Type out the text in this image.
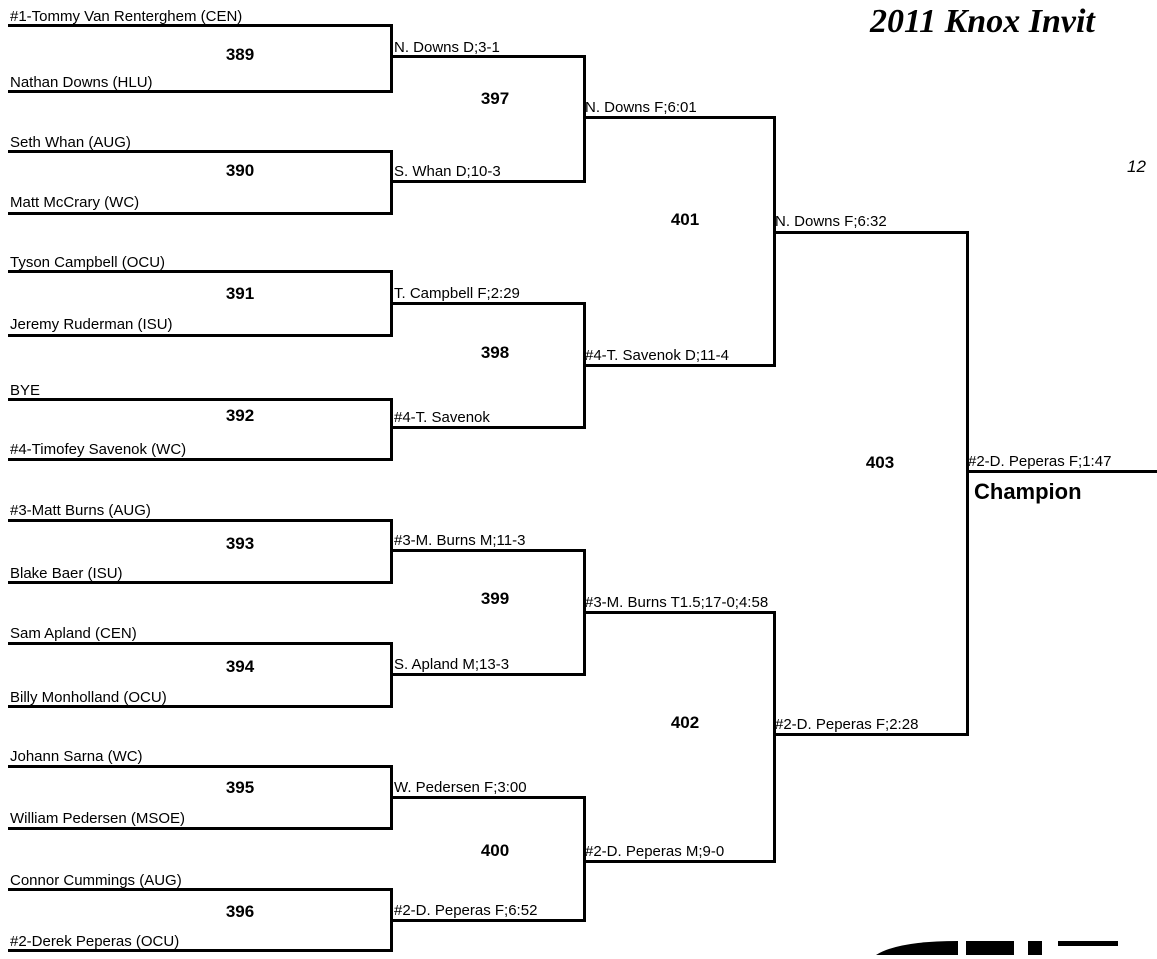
2011 Knox Invit
12
#1-Tommy Van Renterghem (CEN)
389
Nathan Downs (HLU)
Seth Whan (AUG)
390
Matt McCrary (WC)
Tyson Campbell (OCU)
391
Jeremy Ruderman (ISU)
BYE
392
#4-Timofey Savenok (WC)
#3-Matt Burns (AUG)
393
Blake Baer (ISU)
Sam Apland (CEN)
394
Billy Monholland (OCU)
Johann Sarna (WC)
395
William Pedersen (MSOE)
Connor Cummings (AUG)
396
#2-Derek Peperas (OCU)
N. Downs D;3-1
S. Whan D;10-3
397
T. Campbell F;2:29
#4-T. Savenok
398
#3-M. Burns M;11-3
S. Apland M;13-3
399
W. Pedersen F;3:00
#2-D. Peperas F;6:52
400
N. Downs F;6:01
#4-T. Savenok D;11-4
401
#3-M. Burns T1.5;17-0;4:58
#2-D. Peperas M;9-0
402
N. Downs F;6:32
#2-D. Peperas F;2:28
403	#2-D. Peperas F;1:47
Champion
